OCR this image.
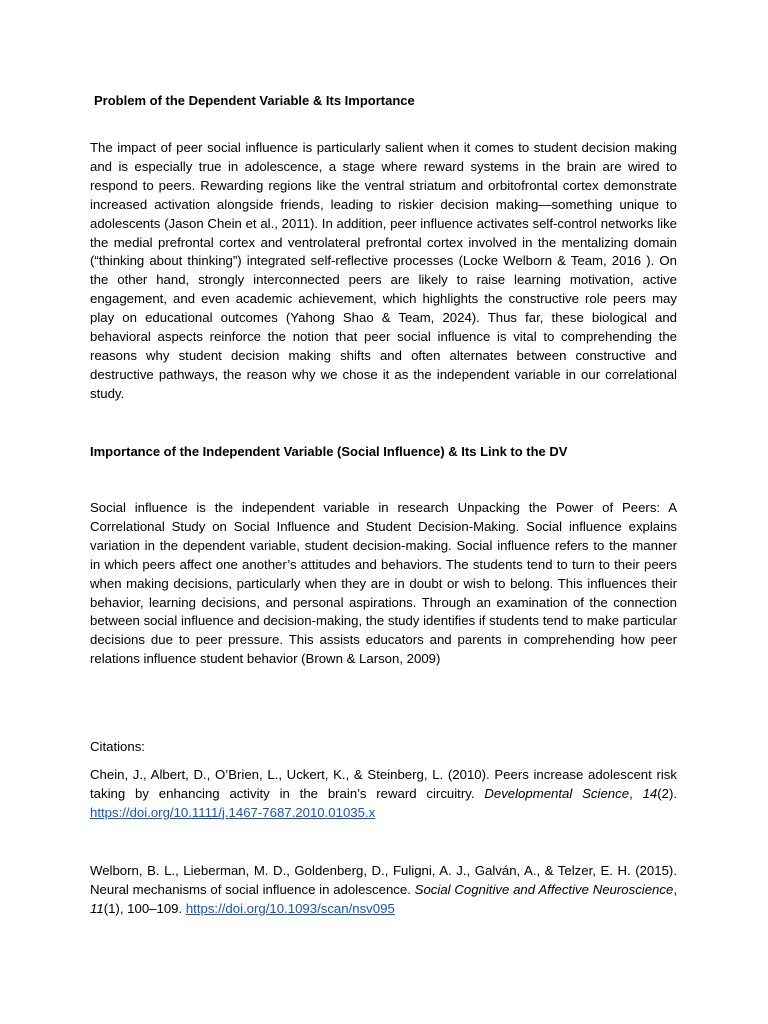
Problem of the Dependent Variable & Its Importance

The impact of peer social influence is particularly salient when it comes to student decision making and is especially true in adolescence, a stage where reward systems in the brain are wired to respond to peers. Rewarding regions like the ventral striatum and orbitofrontal cortex demonstrate increased activation alongside friends, leading to riskier decision making—something unique to adolescents (Jason Chein et al., 2011). In addition, peer influence activates self-control networks like the medial prefrontal cortex and ventrolateral prefrontal cortex involved in the mentalizing domain (“thinking about thinking”) integrated self-reflective processes (Locke Welborn & Team, 2016 ). On the other hand, strongly interconnected peers are likely to raise learning motivation, active engagement, and even academic achievement, which highlights the constructive role peers may play on educational outcomes (Yahong Shao & Team, 2024). Thus far, these biological and behavioral aspects reinforce the notion that peer social influence is vital to comprehending the reasons why student decision making shifts and often alternates between constructive and destructive pathways, the reason why we chose it as the independent variable in our correlational study.

Importance of the Independent Variable (Social Influence) & Its Link to the DV

Social influence is the independent variable in research Unpacking the Power of Peers: A Correlational Study on Social Influence and Student Decision-Making. Social influence explains variation in the dependent variable, student decision-making. Social influence refers to the manner in which peers affect one another’s attitudes and behaviors. The students tend to turn to their peers when making decisions, particularly when they are in doubt or wish to belong. This influences their behavior, learning decisions, and personal aspirations. Through an examination of the connection between social influence and decision-making, the study identifies if students tend to make particular decisions due to peer pressure. This assists educators and parents in comprehending how peer relations influence student behavior (Brown & Larson, 2009)

Citations:

Chein, J., Albert, D., O’Brien, L., Uckert, K., & Steinberg, L. (2010). Peers increase adolescent risk taking by enhancing activity in the brain’s reward circuitry. Developmental Science, 14(2). https://doi.org/10.1111/j.1467-7687.2010.01035.x

Welborn, B. L., Lieberman, M. D., Goldenberg, D., Fuligni, A. J., Galván, A., & Telzer, E. H. (2015). Neural mechanisms of social influence in adolescence. Social Cognitive and Affective Neuroscience, 11(1), 100–109. https://doi.org/10.1093/scan/nsv095
